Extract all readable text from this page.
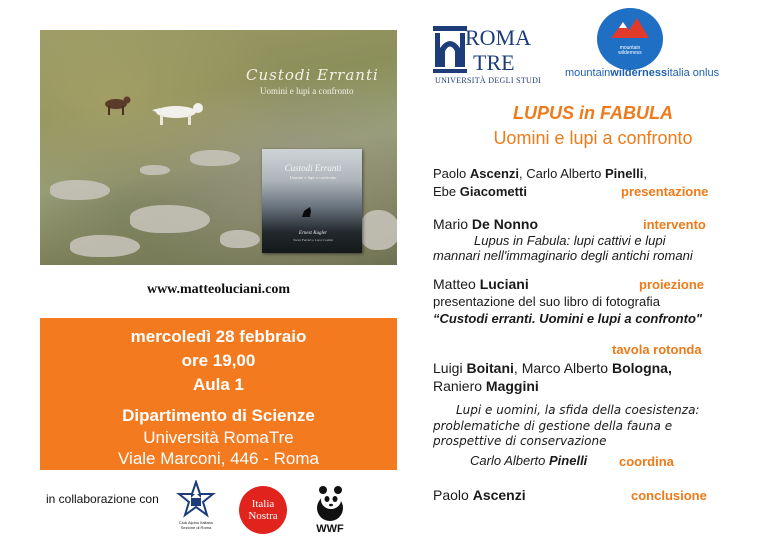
Custodi Erranti
Uomini e lupi a confronto
Custodi Erranti
Uomini e lupi a confronto
Ernest Kugler
Steve Ferrari e Luca Cosimi
www.matteoluciani.com
mercoledì 28 febbraio
ore 19,00
Aula 1
Dipartimento di Scienze
Università RomaTre
Viale Marconi, 446 - Roma
in collaborazione con
Club Alpino Italiano
Sezione di Roma
Italia
Nostra
WWF
ROMA
TRE
UNIVERSITÀ DEGLI STUDI
mountain
wilderness
mountainwildernessitalia onlus
LUPUS in FABULA
Uomini e lupi a confronto
Paolo Ascenzi, Carlo Alberto Pinelli,
Ebe Giacometti	presentazione
Mario De Nonno	intervento
Lupus in Fabula: lupi cattivi e lupi
mannari nell'immaginario degli antichi romani
Matteo Luciani	proiezione
presentazione del suo libro di fotografia
“Custodi erranti. Uomini e lupi a confronto"
tavola rotonda
Luigi Boitani, Marco Alberto Bologna,
Raniero Maggini
Lupi e uomini, la sfida della coesistenza:
problematiche di gestione della fauna e
prospettive di conservazione
Carlo Alberto Pinelli coordina
Paolo Ascenzi	conclusione
